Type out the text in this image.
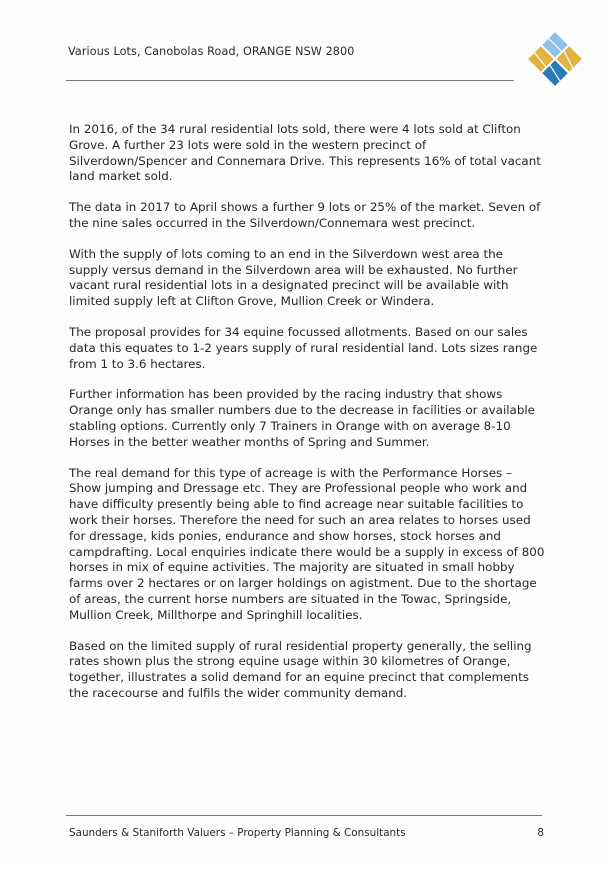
Various Lots, Canobolas Road, ORANGE NSW 2800

In 2016, of the 34 rural residential lots sold, there were 4 lots sold at Clifton Grove. A further 23 lots were sold in the western precinct of Silverdown/Spencer and Connemara Drive. This represents 16% of total vacant land market sold.

The data in 2017 to April shows a further 9 lots or 25% of the market. Seven of the nine sales occurred in the Silverdown/Connemara west precinct.

With the supply of lots coming to an end in the Silverdown west area the supply versus demand in the Silverdown area will be exhausted. No further vacant rural residential lots in a designated precinct will be available with limited supply left at Clifton Grove, Mullion Creek or Windera.

The proposal provides for 34 equine focussed allotments. Based on our sales data this equates to 1-2 years supply of rural residential land. Lots sizes range from 1 to 3.6 hectares.

Further information has been provided by the racing industry that shows Orange only has smaller numbers due to the decrease in facilities or available stabling options. Currently only 7 Trainers in Orange with on average 8-10 Horses in the better weather months of Spring and Summer.

The real demand for this type of acreage is with the Performance Horses – Show jumping and Dressage etc. They are Professional people who work and have difficulty presently being able to find acreage near suitable facilities to work their horses. Therefore the need for such an area relates to horses used for dressage, kids ponies, endurance and show horses, stock horses and campdrafting. Local enquiries indicate there would be a supply in excess of 800 horses in mix of equine activities. The majority are situated in small hobby farms over 2 hectares or on larger holdings on agistment. Due to the shortage of areas, the current horse numbers are situated in the Towac, Springside, Mullion Creek, Millthorpe and Springhill localities.

Based on the limited supply of rural residential property generally, the selling rates shown plus the strong equine usage within 30 kilometres of Orange, together, illustrates a solid demand for an equine precinct that complements the racecourse and fulfils the wider community demand.

Saunders & Staniforth Valuers – Property Planning & Consultants	8
